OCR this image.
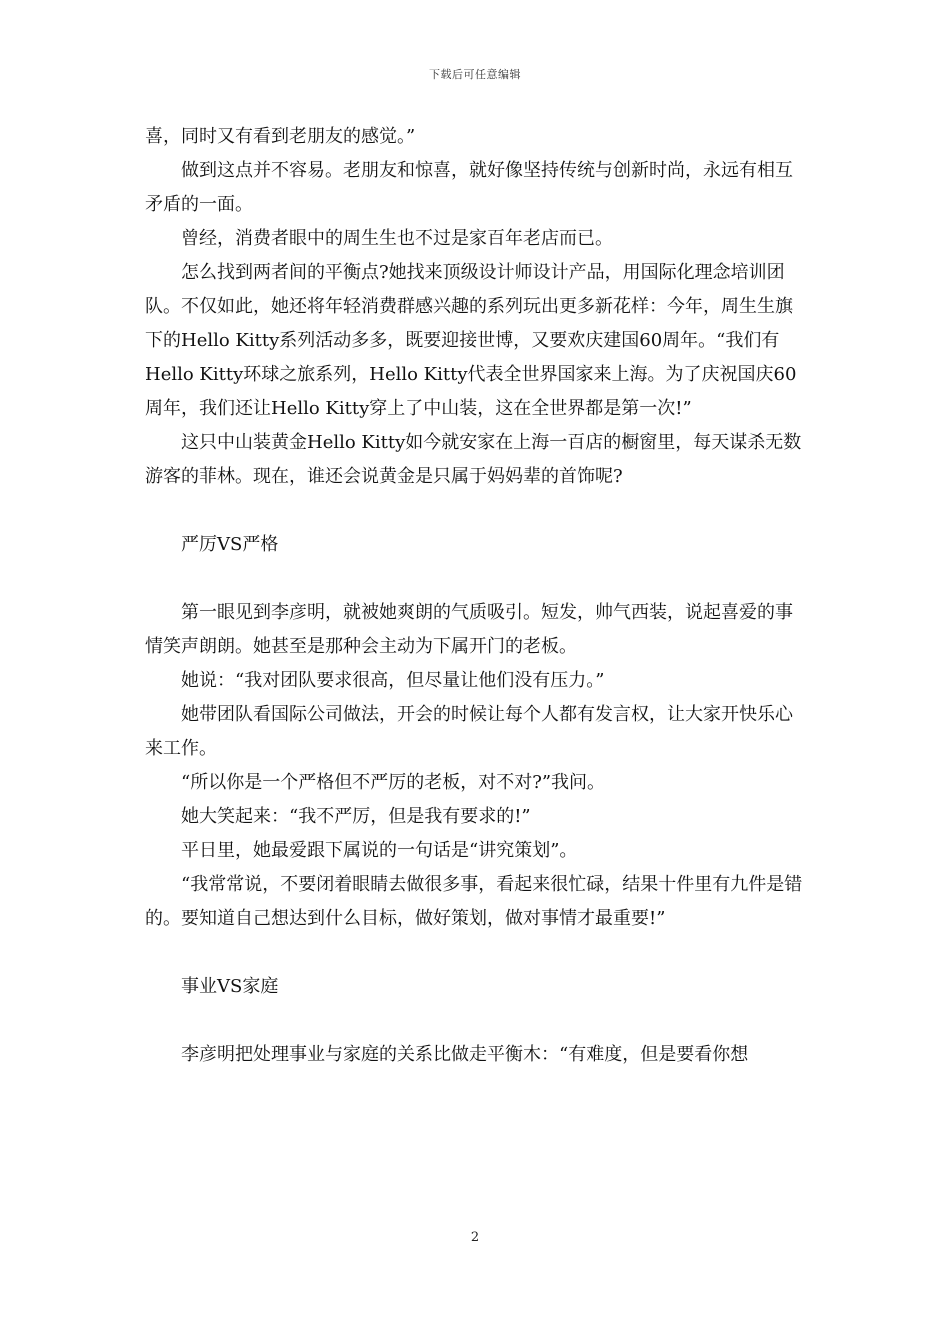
下载后可任意编辑

喜，同时又有看到老朋友的感觉。”

做到这点并不容易。老朋友和惊喜，就好像坚持传统与创新时尚，永远有相互矛盾的一面。

曾经，消费者眼中的周生生也不过是家百年老店而已。

怎么找到两者间的平衡点?她找来顶级设计师设计产品，用国际化理念培训团队。不仅如此，她还将年轻消费群感兴趣的系列玩出更多新花样：今年，周生生旗下的Hello Kitty系列活动多多，既要迎接世博，又要欢庆建国60周年。“我们有Hello Kitty环球之旅系列，Hello Kitty代表全世界国家来上海。为了庆祝国庆60周年，我们还让Hello Kitty穿上了中山装，这在全世界都是第一次!”

这只中山装黄金Hello Kitty如今就安家在上海一百店的橱窗里，每天谋杀无数游客的菲林。现在，谁还会说黄金是只属于妈妈辈的首饰呢?

严厉VS严格

第一眼见到李彦明，就被她爽朗的气质吸引。短发，帅气西装，说起喜爱的事情笑声朗朗。她甚至是那种会主动为下属开门的老板。

她说：“我对团队要求很高，但尽量让他们没有压力。”

她带团队看国际公司做法，开会的时候让每个人都有发言权，让大家开快乐心来工作。

“所以你是一个严格但不严厉的老板，对不对?”我问。

她大笑起来：“我不严厉，但是我有要求的!”

平日里，她最爱跟下属说的一句话是“讲究策划”。

“我常常说，不要闭着眼睛去做很多事，看起来很忙碌，结果十件里有九件是错的。要知道自己想达到什么目标，做好策划，做对事情才最重要!”

事业VS家庭

李彦明把处理事业与家庭的关系比做走平衡木：“有难度，但是要看你想

2
